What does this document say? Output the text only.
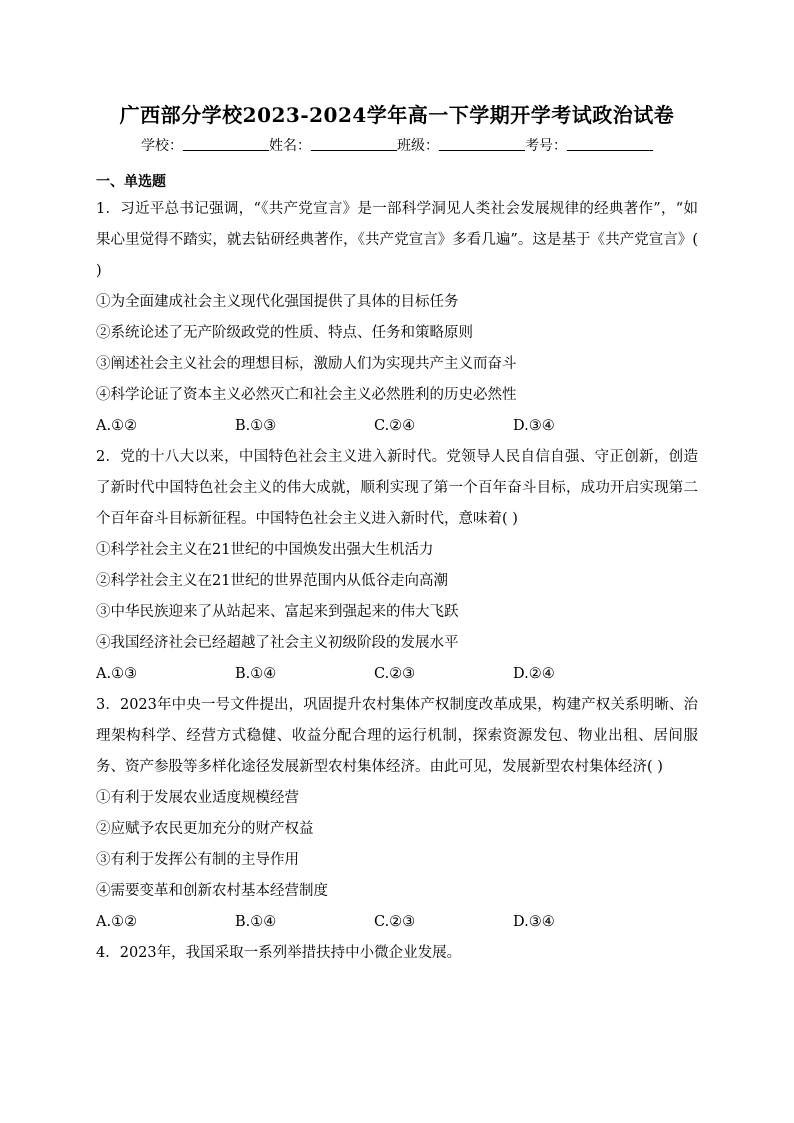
广西部分学校2023-2024学年高一下学期开学考试政治试卷
学校：	姓名：	班级：	考号：
一、单选题
1．习近平总书记强调，“《共产党宣言》是一部科学洞见人类社会发展规律的经典著作”，“如果心里觉得不踏实，就去钻研经典著作，《共产党宣言》多看几遍”。这是基于《共产党宣言》( )
①为全面建成社会主义现代化强国提供了具体的目标任务
②系统论述了无产阶级政党的性质、特点、任务和策略原则
③阐述社会主义社会的理想目标，激励人们为实现共产主义而奋斗
④科学论证了资本主义必然灭亡和社会主义必然胜利的历史必然性
A.①②	B.①③	C.②④	D.③④
2．党的十八大以来，中国特色社会主义进入新时代。党领导人民自信自强、守正创新，创造了新时代中国特色社会主义的伟大成就，顺利实现了第一个百年奋斗目标，成功开启实现第二个百年奋斗目标新征程。中国特色社会主义进入新时代，意味着( )
①科学社会主义在21世纪的中国焕发出强大生机活力
②科学社会主义在21世纪的世界范围内从低谷走向高潮
③中华民族迎来了从站起来、富起来到强起来的伟大飞跃
④我国经济社会已经超越了社会主义初级阶段的发展水平
A.①③	B.①④	C.②③	D.②④
3．2023年中央一号文件提出，巩固提升农村集体产权制度改革成果，构建产权关系明晰、治理架构科学、经营方式稳健、收益分配合理的运行机制，探索资源发包、物业出租、居间服务、资产参股等多样化途径发展新型农村集体经济。由此可见，发展新型农村集体经济( )
①有利于发展农业适度规模经营
②应赋予农民更加充分的财产权益
③有利于发挥公有制的主导作用
④需要变革和创新农村基本经营制度
A.①②	B.①④	C.②③	D.③④
4．2023年，我国采取一系列举措扶持中小微企业发展。
